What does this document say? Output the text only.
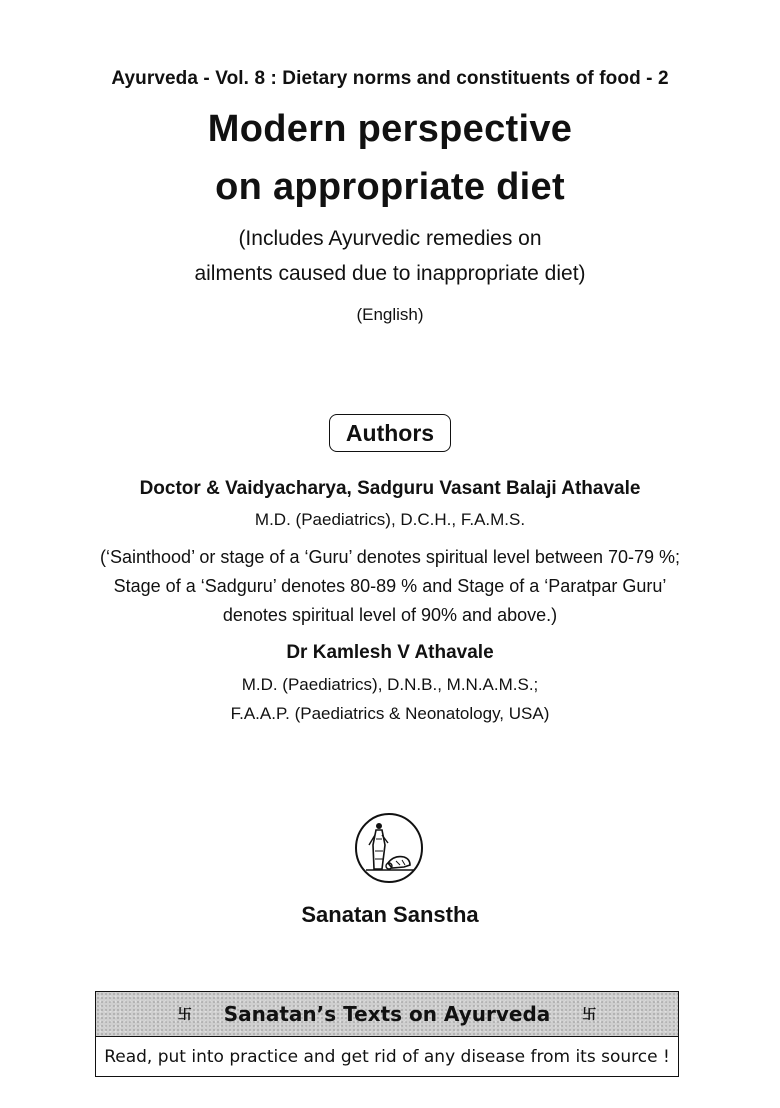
Ayurveda - Vol. 8 : Dietary norms and constituents of food - 2
Modern perspective
on appropriate diet
(Includes Ayurvedic remedies on
ailments caused due to inappropriate diet)
(English)
Authors
Doctor & Vaidyacharya, Sadguru Vasant Balaji Athavale
M.D. (Paediatrics), D.C.H., F.A.M.S.
(‘Sainthood’ or stage of a ‘Guru’ denotes spiritual level between 70-79 %; Stage of a ‘Sadguru’ denotes 80-89 % and Stage of a ‘Paratpar Guru’ denotes spiritual level of 90% and above.)
Dr Kamlesh V Athavale
M.D. (Paediatrics), D.N.B., M.N.A.M.S.;
F.A.A.P. (Paediatrics & Neonatology, USA)
Sanatan Sanstha
卐 Sanatan’s Texts on Ayurveda 卐
Read, put into practice and get rid of any disease from its source !
